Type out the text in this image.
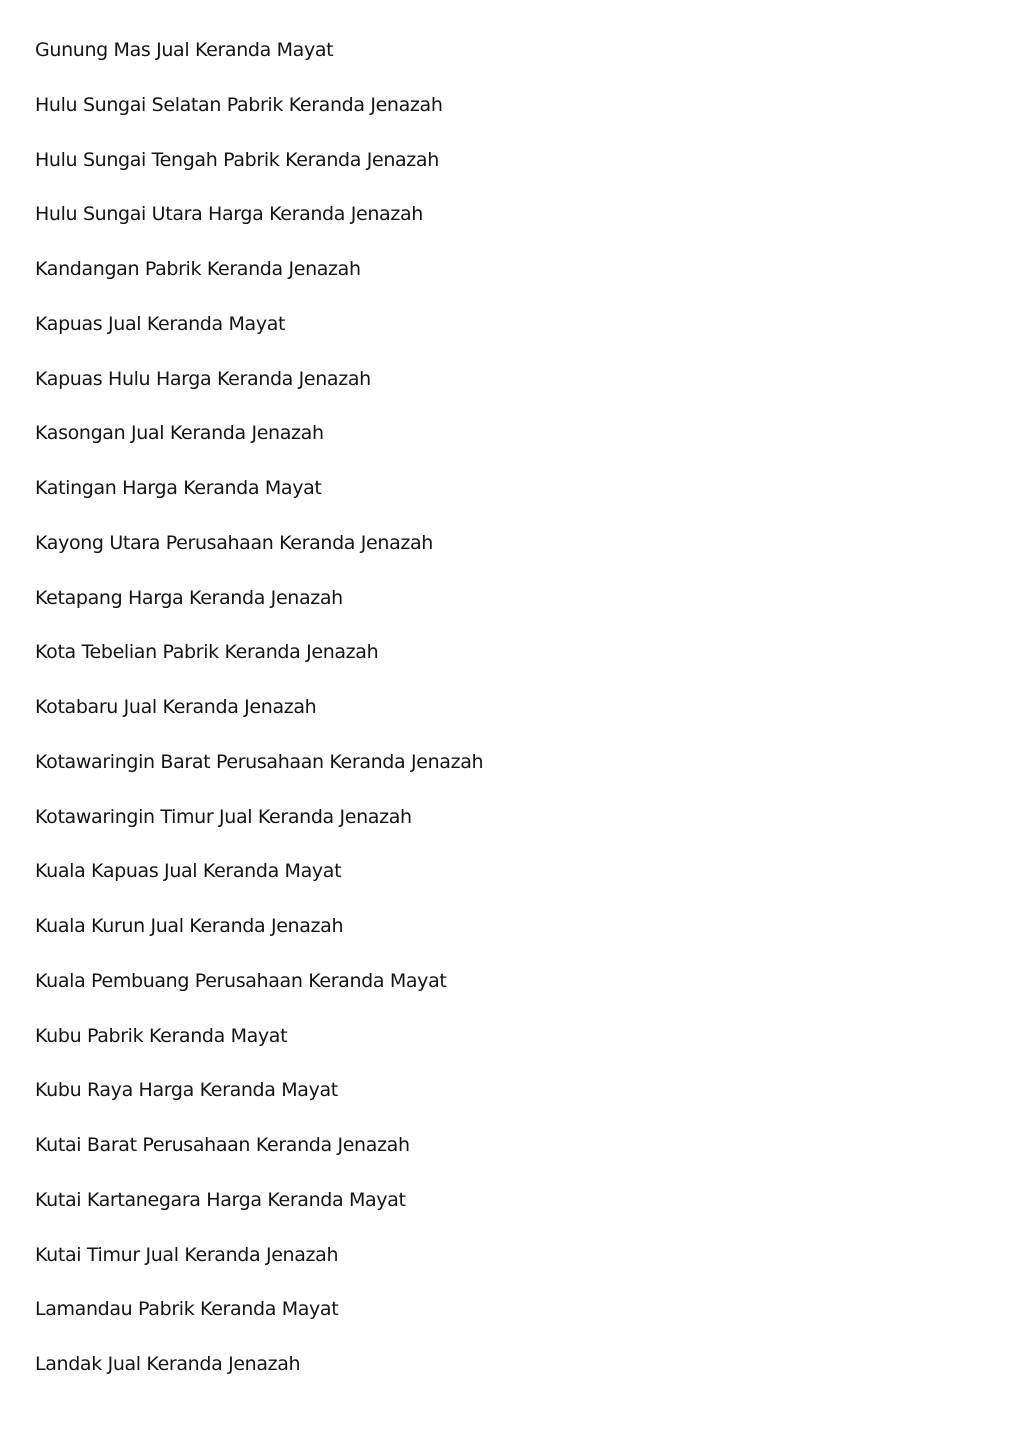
Gunung Mas Jual Keranda Mayat
Hulu Sungai Selatan Pabrik Keranda Jenazah
Hulu Sungai Tengah Pabrik Keranda Jenazah
Hulu Sungai Utara Harga Keranda Jenazah
Kandangan Pabrik Keranda Jenazah
Kapuas Jual Keranda Mayat
Kapuas Hulu Harga Keranda Jenazah
Kasongan Jual Keranda Jenazah
Katingan Harga Keranda Mayat
Kayong Utara Perusahaan Keranda Jenazah
Ketapang Harga Keranda Jenazah
Kota Tebelian Pabrik Keranda Jenazah
Kotabaru Jual Keranda Jenazah
Kotawaringin Barat Perusahaan Keranda Jenazah
Kotawaringin Timur Jual Keranda Jenazah
Kuala Kapuas Jual Keranda Mayat
Kuala Kurun Jual Keranda Jenazah
Kuala Pembuang Perusahaan Keranda Mayat
Kubu Pabrik Keranda Mayat
Kubu Raya Harga Keranda Mayat
Kutai Barat Perusahaan Keranda Jenazah
Kutai Kartanegara Harga Keranda Mayat
Kutai Timur Jual Keranda Jenazah
Lamandau Pabrik Keranda Mayat
Landak Jual Keranda Jenazah
